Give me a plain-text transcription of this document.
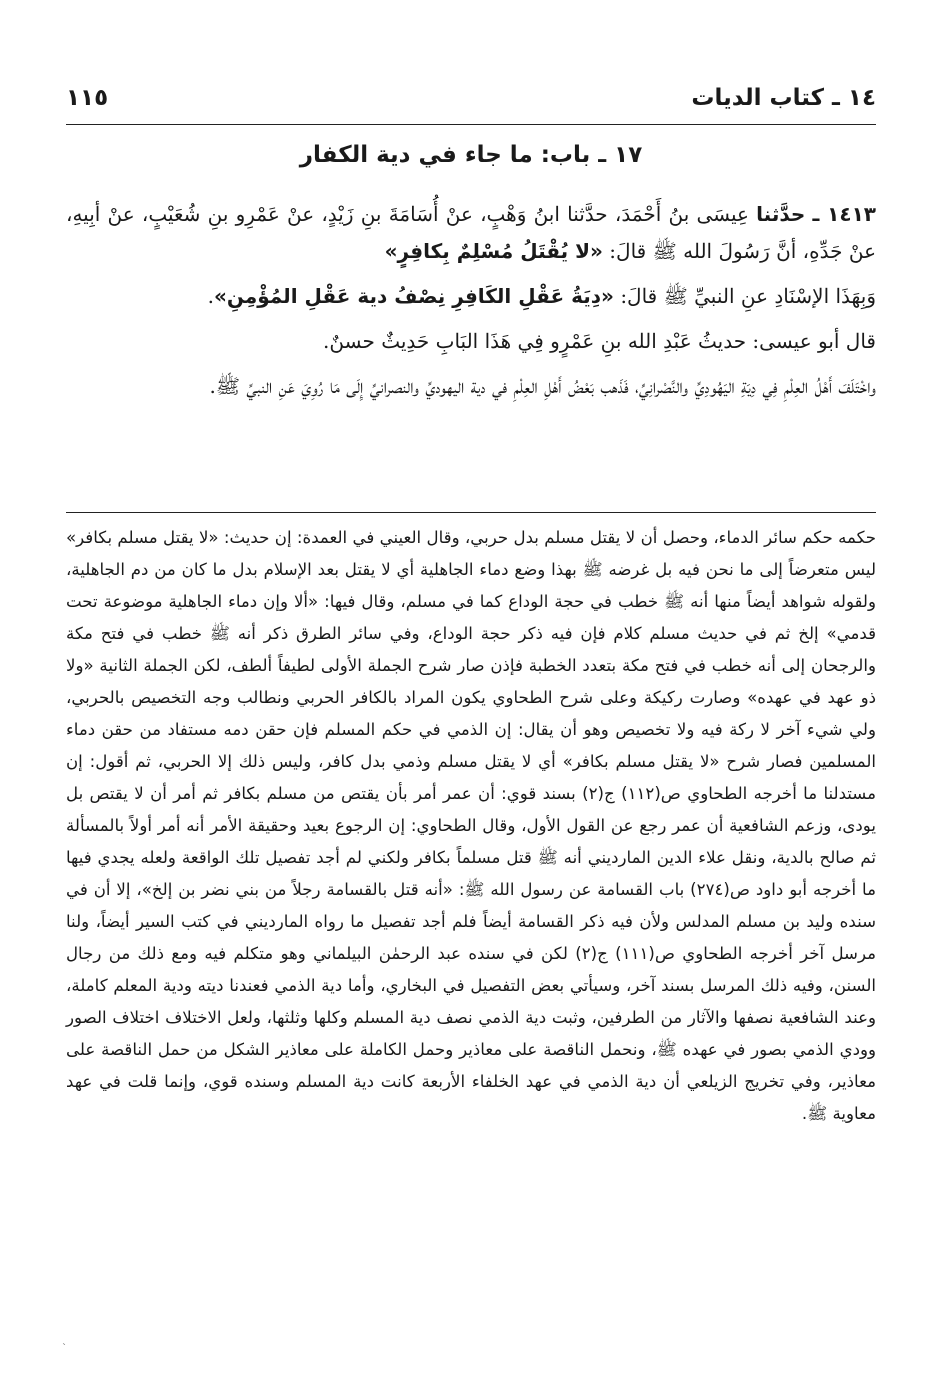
١٤ ـ كتاب الديات
١١٥
١٧ ـ باب: ما جاء في دية الكفار

١٤١٣ ـ حدَّثنا عِيسَى بنُ أَحْمَدَ، حدَّثنا ابنُ وَهْبٍ، عنْ أُسَامَةَ بنِ زَيْدٍ، عنْ عَمْرِو بنِ شُعَيْبٍ، عنْ أبِيهِ، عنْ جَدِّهِ، أنَّ رَسُولَ الله ﷺ قالَ: «لا يُقْتَلُ مُسْلِمٌ بِكافِرٍ»

وَبِهَذَا الإسْنَادِ عنِ النبيِّ ﷺ قالَ: «دِيَةُ عَقْلِ الكَافِرِ نِصْفُ دية عَقْلِ المُؤْمِنِ».

قال أبو عيسى: حديثُ عَبْدِ الله بنِ عَمْرٍو فِي هَذَا البَابِ حَدِيثٌ حسنٌ.

واخْتَلَفَ أَهْلُ العِلْمِ فِي دِيَةِ اليَهُودِيِّ والنَّصْرانِيِّ، فَذَهب بَعْضُ أَهْلِ العِلْمِ في دية اليهوديِّ والنصرانيِّ إِلَى مَا رُوِيَ عَنِ النبيِّ ﷺ.

حكمه حكم سائر الدماء، وحصل أن لا يقتل مسلم بدل حربي، وقال العيني في العمدة: إن حديث: «لا يقتل مسلم بكافر» ليس متعرضاً إلى ما نحن فيه بل غرضه ﷺ بهذا وضع دماء الجاهلية أي لا يقتل بعد الإسلام بدل ما كان من دم الجاهلية، ولقوله شواهد أيضاً منها أنه ﷺ خطب في حجة الوداع كما في مسلم، وقال فيها: «ألا وإن دماء الجاهلية موضوعة تحت قدمي» إلخ ثم في حديث مسلم كلام فإن فيه ذكر حجة الوداع، وفي سائر الطرق ذكر أنه ﷺ خطب في فتح مكة والرجحان إلى أنه خطب في فتح مكة بتعدد الخطبة فإذن صار شرح الجملة الأولى لطيفاً ألطف، لكن الجملة الثانية «ولا ذو عهد في عهده» وصارت ركيكة وعلى شرح الطحاوي يكون المراد بالكافر الحربي ونطالب وجه التخصيص بالحربي، ولي شيء آخر لا ركة فيه ولا تخصيص وهو أن يقال: إن الذمي في حكم المسلم فإن حقن دمه مستفاد من حقن دماء المسلمين فصار شرح «لا يقتل مسلم بكافر» أي لا يقتل مسلم وذمي بدل كافر، وليس ذلك إلا الحربي، ثم أقول: إن مستدلنا ما أخرجه الطحاوي ص(١١٢) ج(٢) بسند قوي: أن عمر أمر بأن يقتص من مسلم بكافر ثم أمر أن لا يقتص بل يودى، وزعم الشافعية أن عمر رجع عن القول الأول، وقال الطحاوي: إن الرجوع بعيد وحقيقة الأمر أنه أمر أولاً بالمسألة ثم صالح بالدية، ونقل علاء الدين المارديني أنه ﷺ قتل مسلماً بكافر ولكني لم أجد تفصيل تلك الواقعة ولعله يجدي فيها ما أخرجه أبو داود ص(٢٧٤) باب القسامة عن رسول الله ﷺ: «أنه قتل بالقسامة رجلاً من بني نضر بن إلخ»، إلا أن في سنده وليد بن مسلم المدلس ولأن فيه ذكر القسامة أيضاً فلم أجد تفصيل ما رواه المارديني في كتب السير أيضاً، ولنا مرسل آخر أخرجه الطحاوي ص(١١١) ج(٢) لكن في سنده عبد الرحمٰن البيلماني وهو متكلم فيه ومع ذلك من رجال السنن، وفيه ذلك المرسل بسند آخر، وسيأتي بعض التفصيل في البخاري، وأما دية الذمي فعندنا ديته ودية المعلم كاملة، وعند الشافعية نصفها والآثار من الطرفين، وثبت دية الذمي نصف دية المسلم وكلها وثلثها، ولعل الاختلاف اختلاف الصور وودي الذمي بصور في عهده ﷺ، ونحمل الناقصة على معاذير وحمل الكاملة على معاذير الشكل من حمل الناقصة على معاذير، وفي تخريج الزيلعي أن دية الذمي في عهد الخلفاء الأربعة كانت دية المسلم وسنده قوي، وإنما قلت في عهد معاوية ﷺ.

`
